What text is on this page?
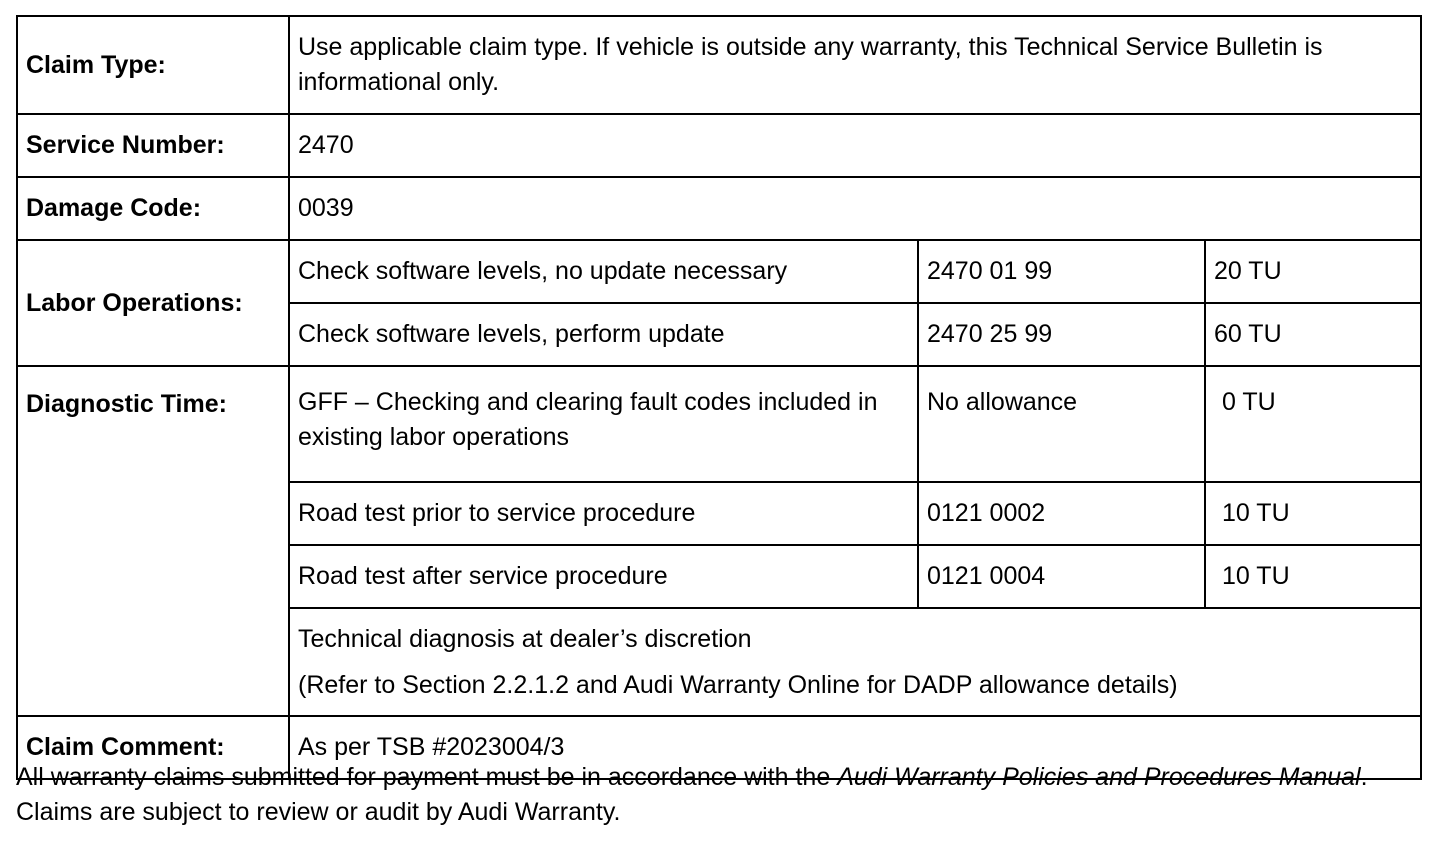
Claim Type:	Use applicable claim type. If vehicle is outside any warranty, this Technical Service Bulletin is informational only.		
Service Number:	2470		
Damage Code:	0039		
Labor Operations:	Check software levels, no update necessary	2470 01 99	20 TU
	Check software levels, perform update	2470 25 99	60 TU
Diagnostic Time:	GFF – Checking and clearing fault codes included in existing labor operations	No allowance	0 TU
	Road test prior to service procedure	0121 0002	10 TU
	Road test after service procedure	0121 0004	10 TU

	Technical diagnosis at dealer’s discretion
(Refer to Section 2.2.1.2 and Audi Warranty Online for DADP allowance details)		

Claim Comment:	As per TSB #2023004/3		

All warranty claims submitted for payment must be in accordance with the Audi Warranty Policies and Procedures Manual. Claims are subject to review or audit by Audi Warranty.
